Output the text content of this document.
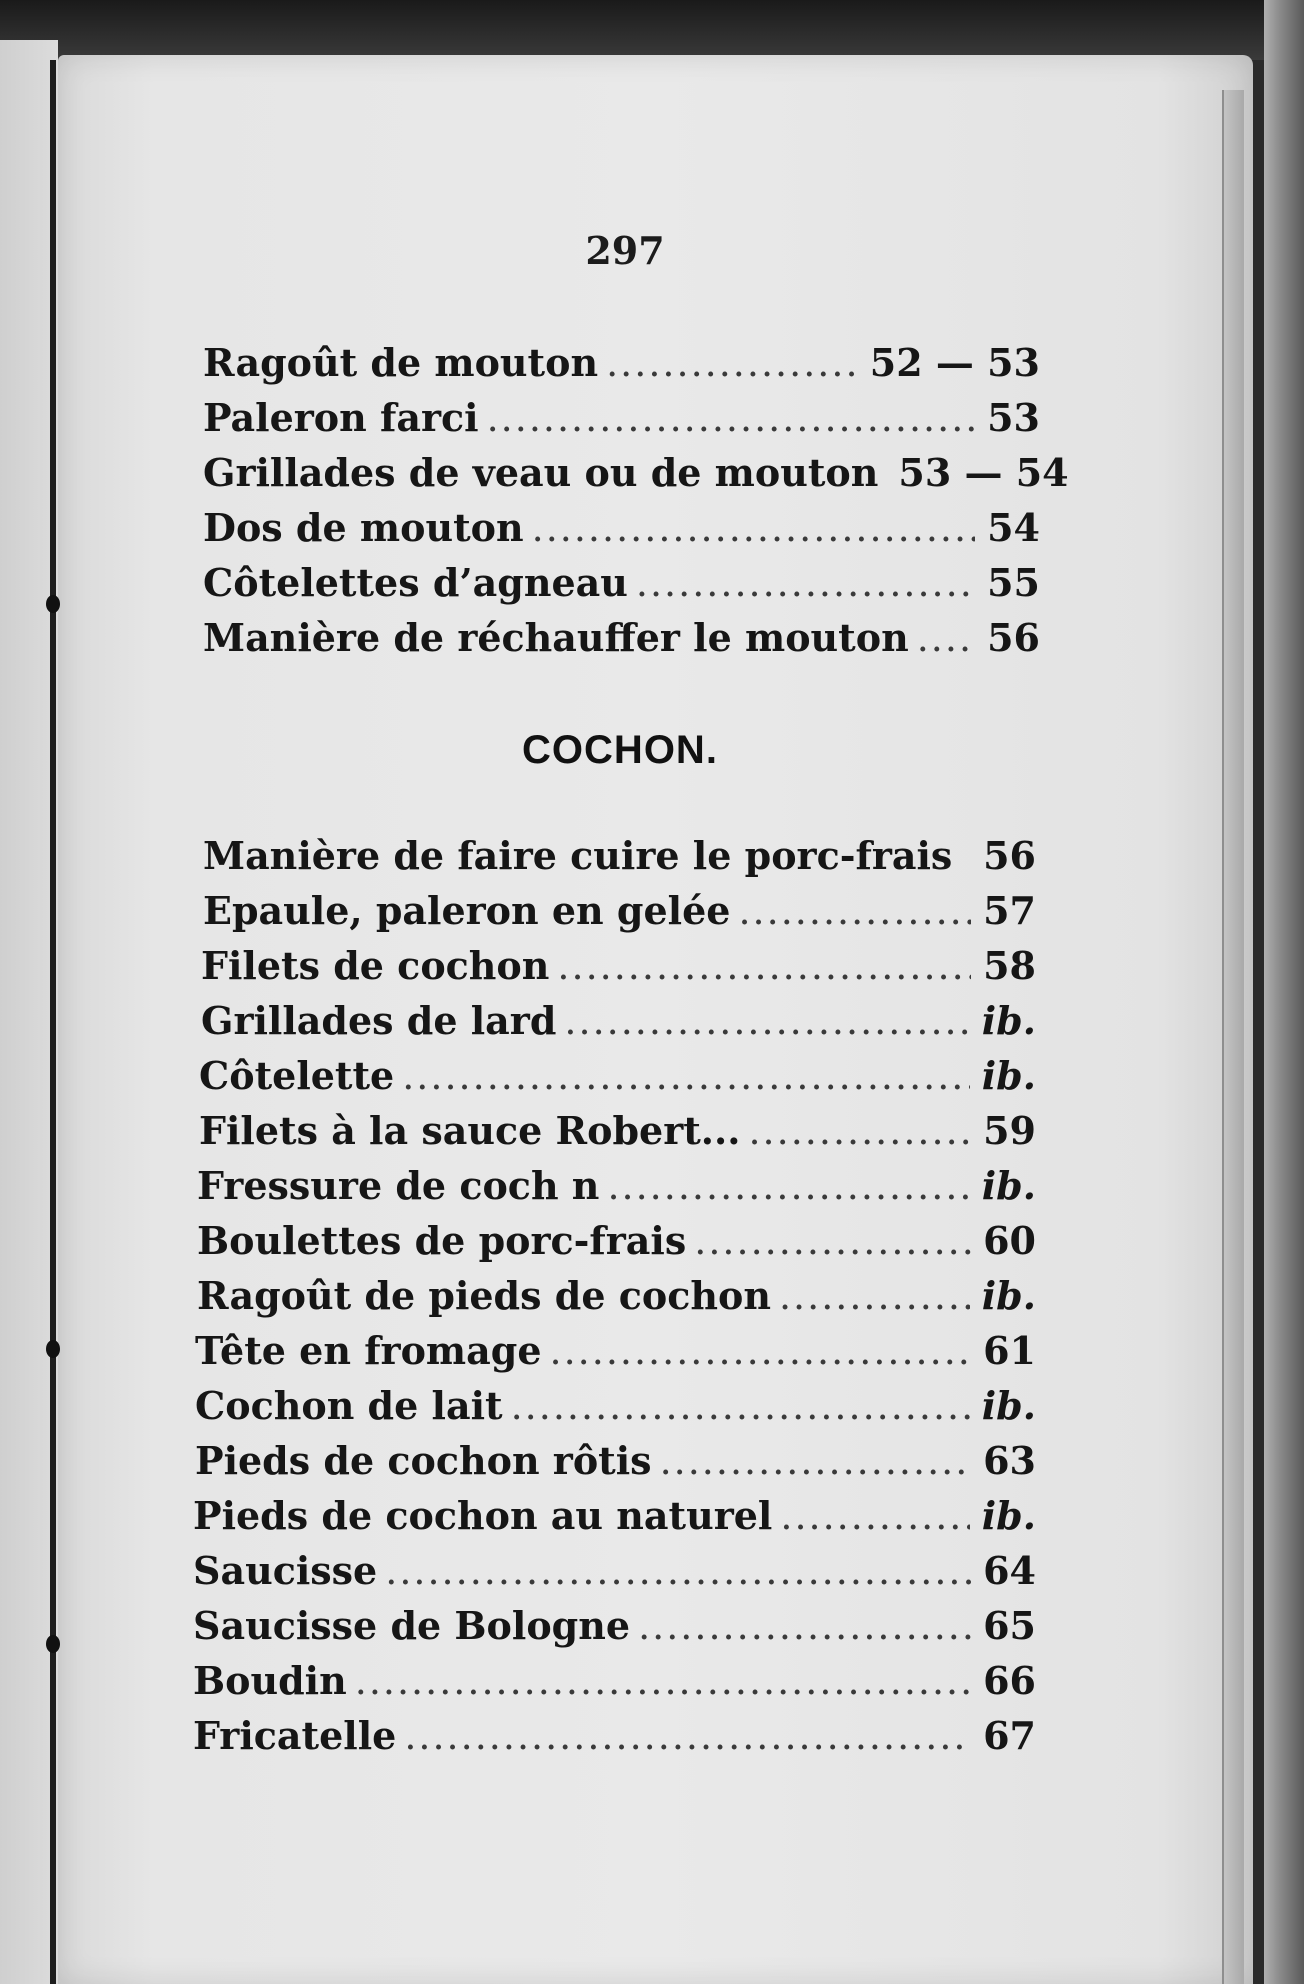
297
Ragoût de mouton .....	52 — 53
Paleron farci .....	53
Grillades de veau ou de mouton 53 — 54
Dos de mouton .....	54
Côtelettes d’agneau .....	55
Manière de réchauffer le mouton ..... 56
COCHON.
Manière de faire cuire le porc-frais 56
Epaule, paleron en gelée .....	57
Filets de cochon .....	58
Grillades de lard .....	ib.
Côtelette .....	ib.
Filets à la sauce Robert... .....	59
Fressure de coch n .....	ib.
Boulettes de porc-frais .....	60
Ragoût de pieds de cochon .....	ib.
Tête en fromage .....	61
Cochon de lait .....	ib.
Pieds de cochon rôtis .....	63
Pieds de cochon au naturel .....	ib.
Saucisse .....	64
Saucisse de Bologne .....	65
Boudin .....	66
Fricatelle .....	67
